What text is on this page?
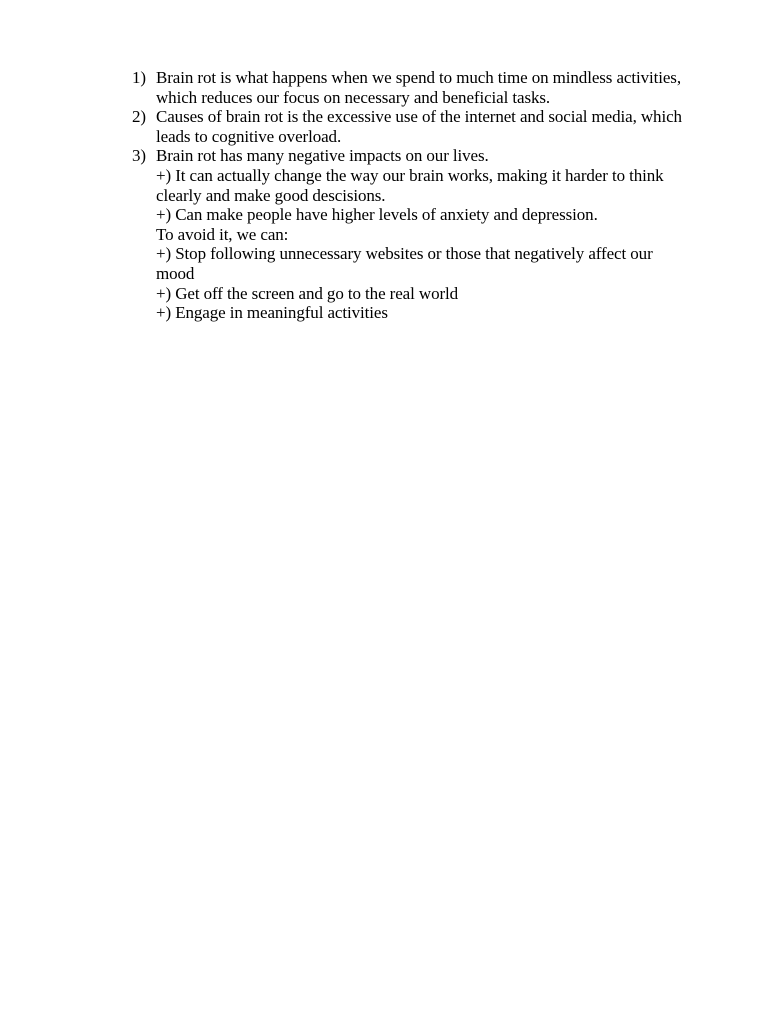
1) Brain rot is what happens when we spend to much time on mindless activities,
which reduces our focus on necessary and beneficial tasks.
2) Causes of brain rot is the excessive use of the internet and social media, which
leads to cognitive overload.
3) Brain rot has many negative impacts on our lives.
+) It can actually change the way our brain works, making it harder to think
clearly and make good descisions.
+) Can make people have higher levels of anxiety and depression.
To avoid it, we can:
+) Stop following unnecessary websites or those that negatively affect our
mood
+) Get off the screen and go to the real world
+) Engage in meaningful activities
